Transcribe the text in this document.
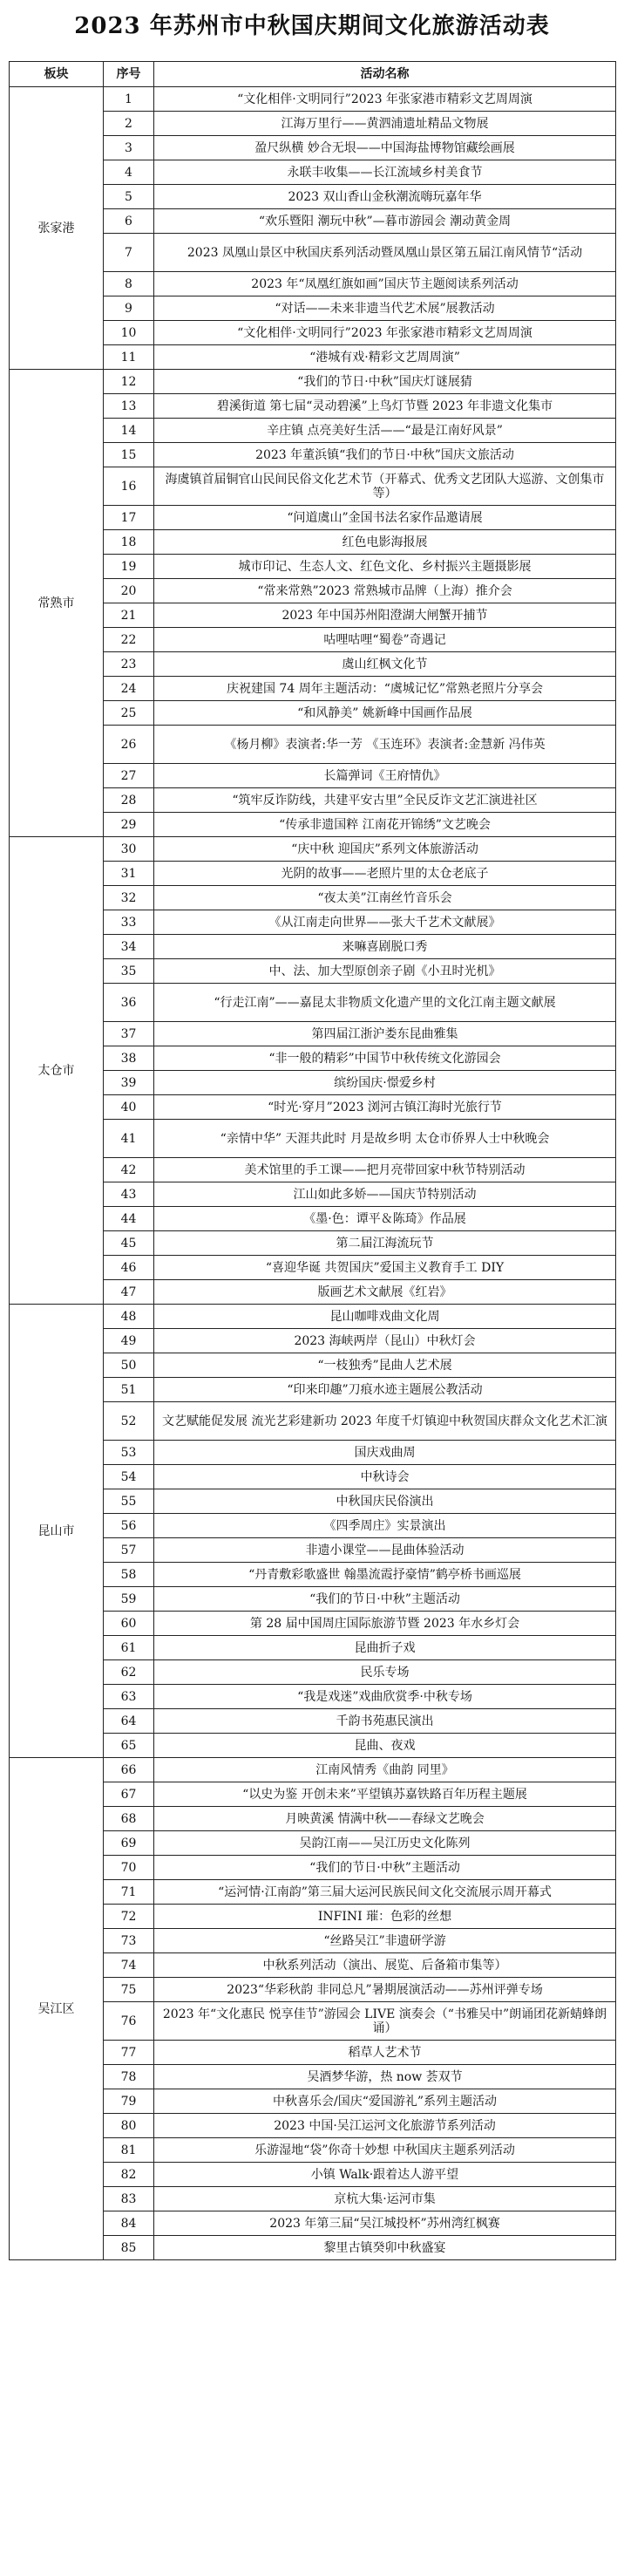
2023 年苏州市中秋国庆期间文化旅游活动表
板块	序号	活动名称
张家港	1	“文化相伴·文明同行”2023 年张家港市精彩文艺周周演
	2	江海万里行——黄泗浦遗址精品文物展
	3	盈尺纵横 妙合无垠——中国海盐博物馆藏绘画展
	4	永联丰收集——长江流域乡村美食节
	5	2023 双山香山金秋潮流嗨玩嘉年华
	6	“欢乐暨阳 潮玩中秋”—暮市游园会 潮动黄金周
	7	2023 凤凰山景区中秋国庆系列活动暨凤凰山景区第五届江南风情节“活动
	8	2023 年“凤凰红旗如画”国庆节主题阅读系列活动
	9	“对话——未来非遗当代艺术展”展教活动
	10	“文化相伴·文明同行”2023 年张家港市精彩文艺周周演
	11	“港城有戏·精彩文艺周周演”
常熟市	12	“我们的节日·中秋”国庆灯谜展猜
	13	碧溪街道 第七届“灵动碧溪”上鸟灯节暨 2023 年非遗文化集市
	14	辛庄镇 点亮美好生活——“最是江南好风景”
	15	2023 年董浜镇“我们的节日·中秋”国庆文旅活动
	16	海虞镇首届铜官山民间民俗文化艺术节（开幕式、优秀文艺团队大巡游、文创集市等）
	17	“问道虞山”金国书法名家作品邀请展
	18	红色电影海报展
	19	城市印记、生态人文、红色文化、乡村振兴主题摄影展
	20	“常来常熟”2023 常熟城市品牌（上海）推介会
	21	2023 年中国苏州阳澄湖大闸蟹开捕节
	22	咕哩咕哩“蜀卷”奇遇记
	23	虞山红枫文化节
	24	庆祝建国 74 周年主题活动：“虞城记忆”常熟老照片分享会
	25	“和风静美” 姚新峰中国画作品展
	26	《杨月柳》表演者:华一芳 《玉连环》表演者:金慧新 冯伟英
	27	长篇弹词《王府情仇》
	28	“筑牢反诈防线，共建平安古里”全民反诈文艺汇演进社区
	29	“传承非遗国粹 江南花开锦绣”文艺晚会
太仓市	30	“庆中秋 迎国庆”系列文体旅游活动
	31	光阴的故事——老照片里的太仓老底子
	32	“夜太美”江南丝竹音乐会
	33	《从江南走向世界——张大千艺术文献展》
	34	来嘛喜剧脱口秀
	35	中、法、加大型原创亲子剧《小丑时光机》
	36	“行走江南”——嘉昆太非物质文化遗产里的文化江南主题文献展
	37	第四届江浙沪娄东昆曲雅集
	38	“非一般的精彩”中国节中秋传统文化游园会
	39	缤纷国庆·憬爱乡村
	40	“时光·穿月”2023 浏河古镇江海时光旅行节
	41	“亲情中华” 天涯共此时 月是故乡明 太仓市侨界人士中秋晚会
	42	美术馆里的手工课——把月亮带回家中秋节特别活动
	43	江山如此多娇——国庆节特别活动
	44	《墨·色：谭平＆陈琦》作品展
	45	第二届江海流玩节
	46	“喜迎华诞 共贺国庆”爱国主义教育手工 DIY
	47	版画艺术文献展《红岩》
昆山市	48	昆山咖啡戏曲文化周
	49	2023 海峡两岸（昆山）中秋灯会
	50	“一枝独秀”昆曲人艺术展
	51	“印来印趣”刀痕水迹主题展公教活动
	52	文艺赋能促发展 流光艺彩建新功 2023 年度千灯镇迎中秋贺国庆群众文化艺术汇演
	53	国庆戏曲周
	54	中秋诗会
	55	中秋国庆民俗演出
	56	《四季周庄》实景演出
	57	非遗小课堂——昆曲体验活动
	58	“丹青敷彩歌盛世 翰墨流霞抒豪情”鹤亭桥书画巡展
	59	“我们的节日·中秋”主题活动
	60	第 28 届中国周庄国际旅游节暨 2023 年水乡灯会
	61	昆曲折子戏
	62	民乐专场
	63	“我是戏迷”戏曲欣赏季·中秋专场
	64	千韵书苑惠民演出
	65	昆曲、夜戏
吴江区	66	江南风情秀《曲韵 同里》
	67	“以史为鉴 开创未来”平望镇苏嘉铁路百年历程主题展
	68	月映黄溪 情满中秋——春绿文艺晚会
	69	吴韵江南——吴江历史文化陈列
	70	“我们的节日·中秋”主题活动
	71	“运河情·江南韵”第三届大运河民族民间文化交流展示周开幕式
	72	INFINI 璀：色彩的丝想
	73	“丝路吴江”非遗研学游
	74	中秋系列活动（演出、展览、后备箱市集等）
	75	2023“华彩秋韵 非同总凡”暑期展演活动——苏州评弹专场
	76	2023 年“文化惠民 悦享佳节”游园会 LIVE 演奏会（“书雅吴中”朗诵团花新蜻蜂朗诵）
	77	稻草人艺术节
	78	吴酒梦华游，热 now 荟双节
	79	中秋喜乐会/国庆“爱国游礼”系列主题活动
	80	2023 中国·吴江运河文化旅游节系列活动
	81	乐游湿地“袋”你奇十妙想 中秋国庆主题系列活动
	82	小镇 Walk·跟着达人游平望
	83	京杭大集·运河市集
	84	2023 年第三届“吴江城投杯”苏州湾红枫赛
	85	黎里古镇癸卯中秋盛宴
